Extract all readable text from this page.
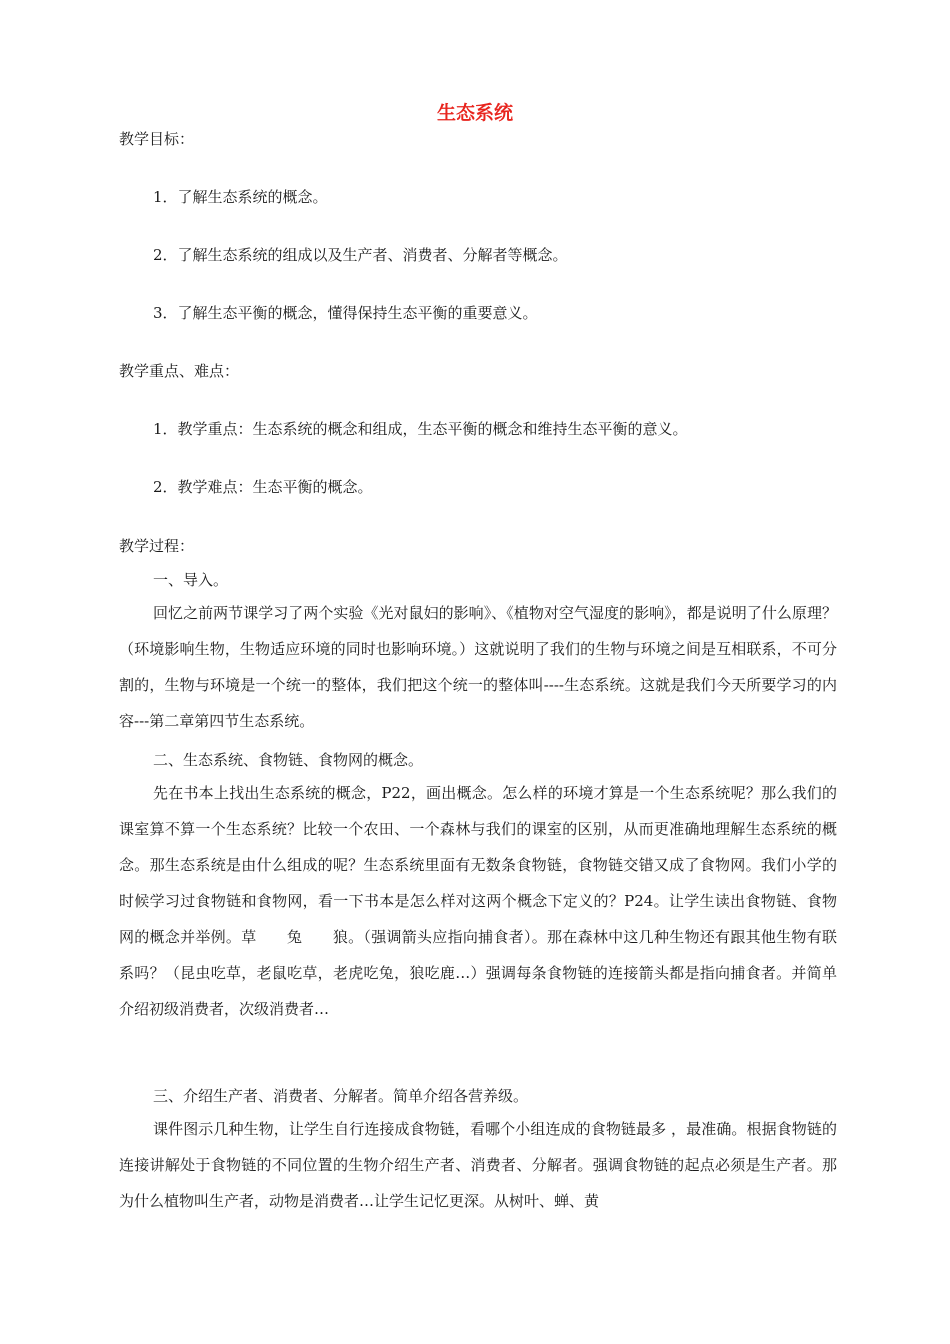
生态系统
教学目标：
1．了解生态系统的概念。
2．了解生态系统的组成以及生产者、消费者、分解者等概念。
3．了解生态平衡的概念，懂得保持生态平衡的重要意义。
教学重点、难点：
1．教学重点：生态系统的概念和组成，生态平衡的概念和维持生态平衡的意义。
2．教学难点：生态平衡的概念。
教学过程：
一、导入。
回忆之前两节课学习了两个实验《光对鼠妇的影响》、《植物对空气湿度的影响》，都是说明了什么原理？（环境影响生物，生物适应环境的同时也影响环境。）这就说明了我们的生物与环境之间是互相联系，不可分割的，生物与环境是一个统一的整体，我们把这个统一的整体叫----生态系统。这就是我们今天所要学习的内容---第二章第四节生态系统。
二、生态系统、食物链、食物网的概念。
先在书本上找出生态系统的概念，P22，画出概念。怎么样的环境才算是一个生态系统呢？那么我们的课室算不算一个生态系统？比较一个农田、一个森林与我们的课室的区别，从而更准确地理解生态系统的概念。那生态系统是由什么组成的呢？生态系统里面有无数条食物链，食物链交错又成了食物网。我们小学的时候学习过食物链和食物网，看一下书本是怎么样对这两个概念下定义的？P24。让学生读出食物链、食物网的概念并举例。草　　兔　　狼。（强调箭头应指向捕食者）。那在森林中这几种生物还有跟其他生物有联系吗？（昆虫吃草，老鼠吃草，老虎吃兔，狼吃鹿…）强调每条食物链的连接箭头都是指向捕食者。并简单介绍初级消费者，次级消费者…
三、介绍生产者、消费者、分解者。简单介绍各营养级。
课件图示几种生物，让学生自行连接成食物链，看哪个小组连成的食物链最多 ，最准确。根据食物链的连接讲解处于食物链的不同位置的生物介绍生产者、消费者、分解者。强调食物链的起点必须是生产者。那为什么植物叫生产者，动物是消费者…让学生记忆更深。从树叶、蝉、黄
